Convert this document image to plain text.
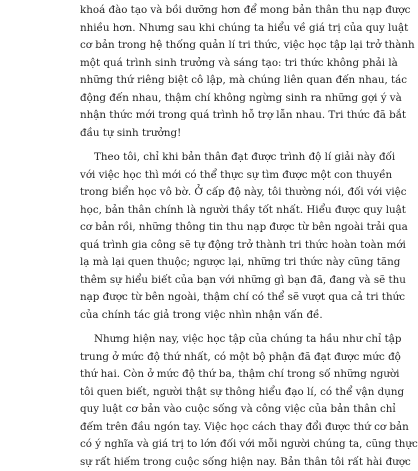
khoá đào tạo và bồi dưỡng hơn để mong bản thân thu nạp được
nhiều hơn. Nhưng sau khi chúng ta hiểu về giá trị của quy luật
cơ bản trong hệ thống quản lí tri thức, việc học tập lại trở thành
một quá trình sinh trưởng và sáng tạo: tri thức không phải là
những thứ riêng biệt cô lập, mà chúng liên quan đến nhau, tác
động đến nhau, thậm chí không ngừng sinh ra những gợi ý và
nhận thức mới trong quá trình hỗ trợ lẫn nhau. Tri thức đã bắt
đầu tự sinh trưởng!
Theo tôi, chỉ khi bản thân đạt được trình độ lí giải này đối
với việc học thì mới có thể thực sự tìm được một con thuyền
trong biển học vô bờ. Ở cấp độ này, tôi thường nói, đối với việc
học, bản thân chính là người thầy tốt nhất. Hiểu được quy luật
cơ bản rồi, những thông tin thu nạp được từ bên ngoài trải qua
quá trình gia công sẽ tự động trở thành tri thức hoàn toàn mới
lạ mà lại quen thuộc; ngược lại, những tri thức này cũng tăng
thêm sự hiểu biết của bạn với những gì bạn đã, đang và sẽ thu
nạp được từ bên ngoài, thậm chí có thể sẽ vượt qua cả tri thức
của chính tác giả trong việc nhìn nhận vấn đề.
Nhưng hiện nay, việc học tập của chúng ta hầu như chỉ tập
trung ở mức độ thứ nhất, có một bộ phận đã đạt được mức độ
thứ hai. Còn ở mức độ thứ ba, thậm chí trong số những người
tôi quen biết, người thật sự thông hiểu đạo lí, có thể vận dụng
quy luật cơ bản vào cuộc sống và công việc của bản thân chỉ
đếm trên đầu ngón tay. Việc học cách thay đổi được thứ cơ bản
có ý nghĩa và giá trị to lớn đối với mỗi người chúng ta, cũng thực
sự rất hiếm trong cuộc sống hiện nay. Bản thân tôi rất hài được
